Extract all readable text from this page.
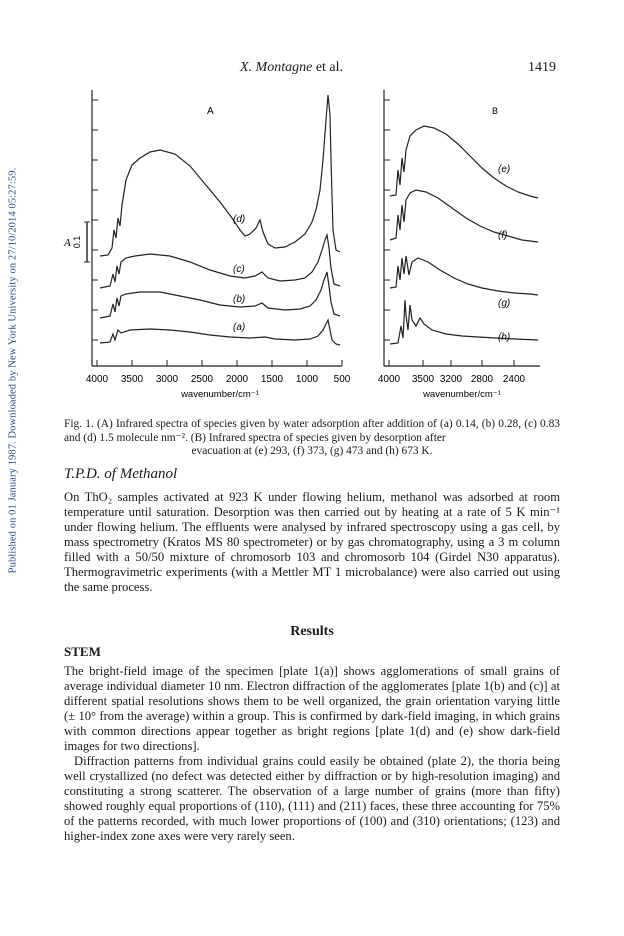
Published on 01 January 1987. Downloaded by New York University on 27/10/2014 05:27:59.
X. Montagne et al.	1419
0.1
A
A
(d)
(c)
(b)
(a)
4000 3500 3000 2500 2000 1500 1000 500
wavenumber/cm⁻¹
B
(e)
(f)
(g)
(h)
4000 3500 3200 2800 2400
wavenumber/cm⁻¹

Fig. 1. (A) Infrared spectra of species given by water adsorption after addition of (a) 0.14, (b) 0.28, (c) 0.83 and (d) 1.5 molecule nm⁻². (B) Infrared spectra of species given by desorption after

evacuation at (e) 293, (f) 373, (g) 473 and (h) 673 K.
T.P.D. of Methanol

On ThO₂ samples activated at 923 K under flowing helium, methanol was adsorbed at room temperature until saturation. Desorption was then carried out by heating at a rate of 5 K min⁻¹ under flowing helium. The effluents were analysed by infrared spectroscopy using a gas cell, by mass spectrometry (Kratos MS 80 spectrometer) or by gas chromatography, using a 3 m column filled with a 50/50 mixture of chromosorb 103 and chromosorb 104 (Girdel N30 apparatus). Thermogravimetric experiments (with a Mettler MT 1 microbalance) were also carried out using the same process.

Results
STEM

The bright-field image of the specimen [plate 1(a)] shows agglomerations of small grains of average individual diameter 10 nm. Electron diffraction of the agglomerates [plate 1(b) and (c)] at different spatial resolutions shows them to be well organized, the grain orientation varying little (± 10° from the average) within a group. This is confirmed by dark-field imaging, in which grains with common directions appear together as bright regions [plate 1(d) and (e) show dark-field images for two directions].

Diffraction patterns from individual grains could easily be obtained (plate 2), the thoria being well crystallized (no defect was detected either by diffraction or by high-resolution imaging) and constituting a strong scatterer. The observation of a large number of grains (more than fifty) showed roughly equal proportions of (110), (111) and (211) faces, these three accounting for 75% of the patterns recorded, with much lower proportions of (100) and (310) orientations; (123) and higher-index zone axes were very rarely seen.
